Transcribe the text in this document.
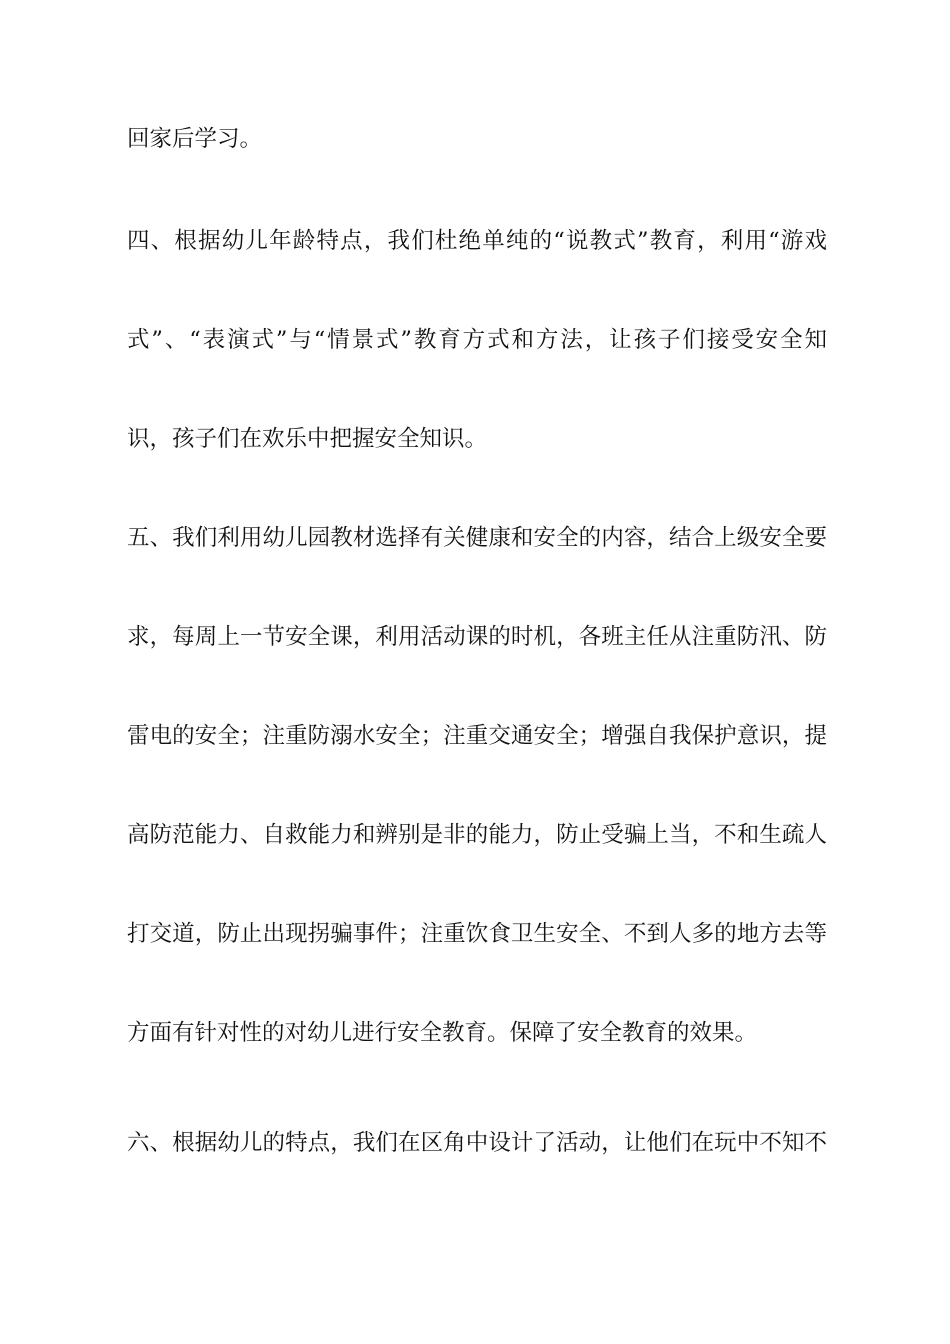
回家后学习。
四、根据幼儿年龄特点，我们杜绝单纯的“说教式”教育，利用“游戏
式”、“表演式”与“情景式”教育方式和方法，让孩子们接受安全知
识，孩子们在欢乐中把握安全知识。
五、我们利用幼儿园教材选择有关健康和安全的内容，结合上级安全要
求，每周上一节安全课，利用活动课的时机，各班主任从注重防汛、防
雷电的安全；注重防溺水安全；注重交通安全；增强自我保护意识，提
高防范能力、自救能力和辨别是非的能力，防止受骗上当，不和生疏人
打交道，防止出现拐骗事件；注重饮食卫生安全、不到人多的地方去等
方面有针对性的对幼儿进行安全教育。保障了安全教育的效果。
六、根据幼儿的特点，我们在区角中设计了活动，让他们在玩中不知不
